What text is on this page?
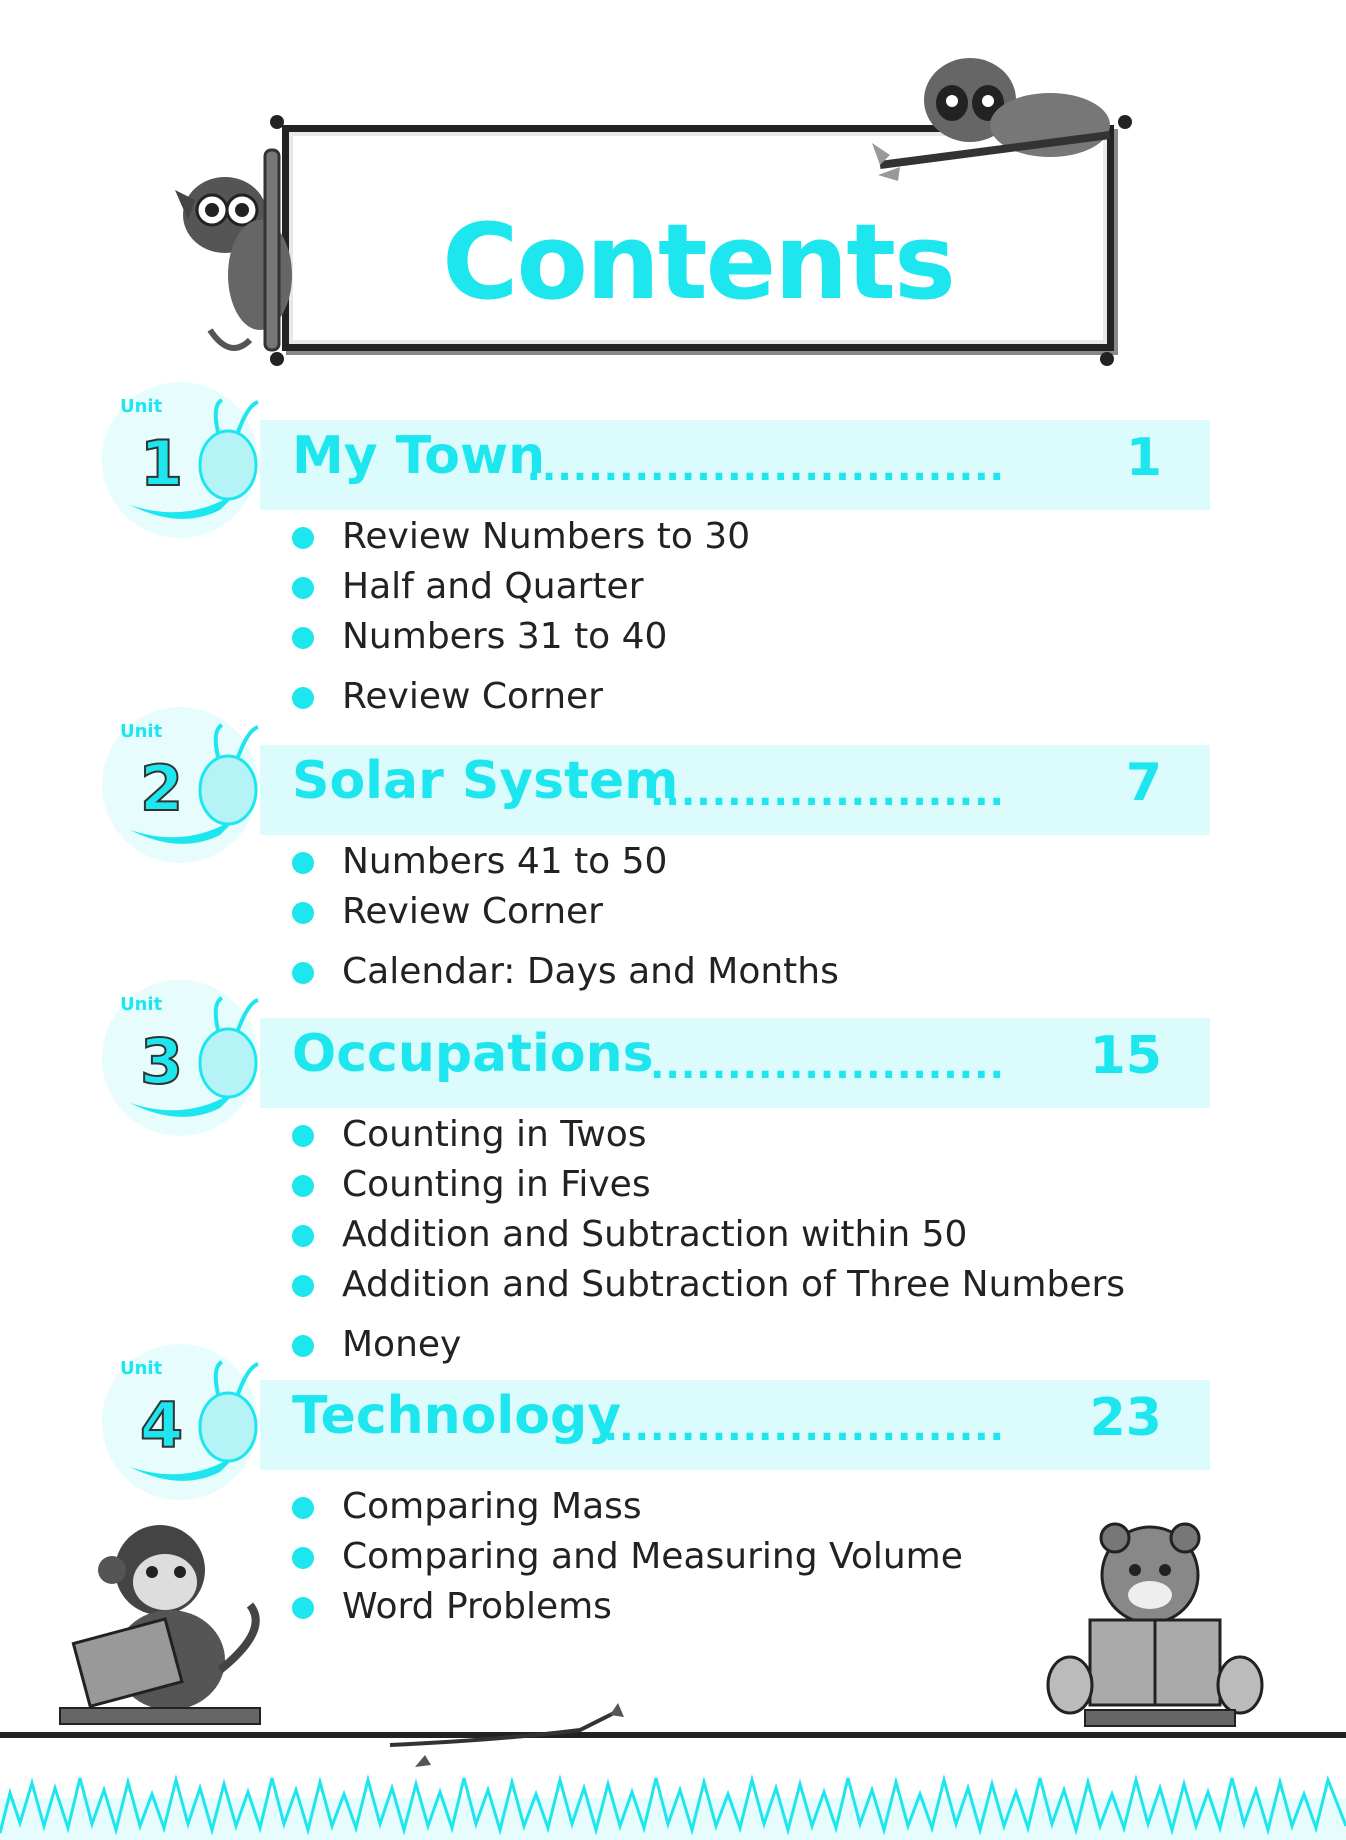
Contents
Unit
1 My Town
............................... 1
Review Numbers to 30
Half and Quarter
Numbers 31 to 40
Review Corner
Unit
2 Solar System
....................... 7
Numbers 41 to 50
Review Corner
Calendar: Days and Months
Unit
3 Occupations
....................... 15
Counting in Twos
Counting in Fives
Addition and Subtraction within 50
Addition and Subtraction of Three Numbers
Money
Unit
4 Technology
.......................... 23
Comparing Mass
Comparing and Measuring Volume
Word Problems
